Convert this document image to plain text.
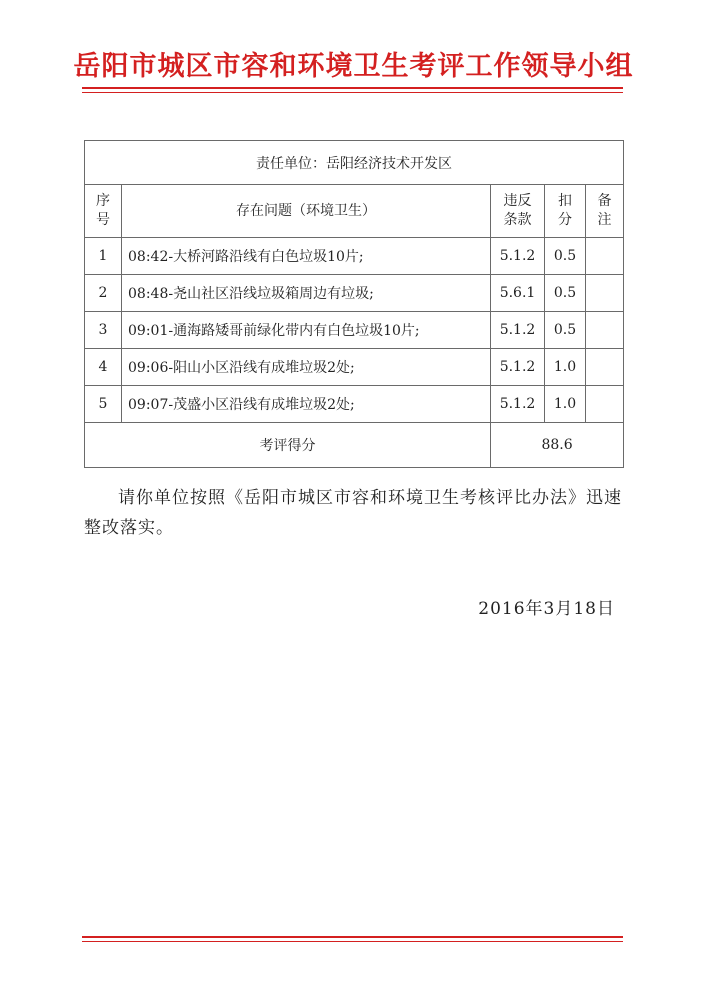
岳阳市城区市容和环境卫生考评工作领导小组
责任单位：岳阳经济技术开发区				
序号	存在问题（环境卫生）	违反条款	扣分	备注
1	08:42-大桥河路沿线有白色垃圾10片;	5.1.2	0.5	
2	08:48-尧山社区沿线垃圾箱周边有垃圾;	5.6.1	0.5	
3	09:01-通海路矮哥前绿化带内有白色垃圾10片;	5.1.2	0.5	
4	09:06-阳山小区沿线有成堆垃圾2处;	5.1.2	1.0	
5	09:07-茂盛小区沿线有成堆垃圾2处;	5.1.2	1.0	
考评得分		88.6		
请你单位按照《岳阳市城区市容和环境卫生考核评比办法》迅速整改落实。
2016年3月18日
